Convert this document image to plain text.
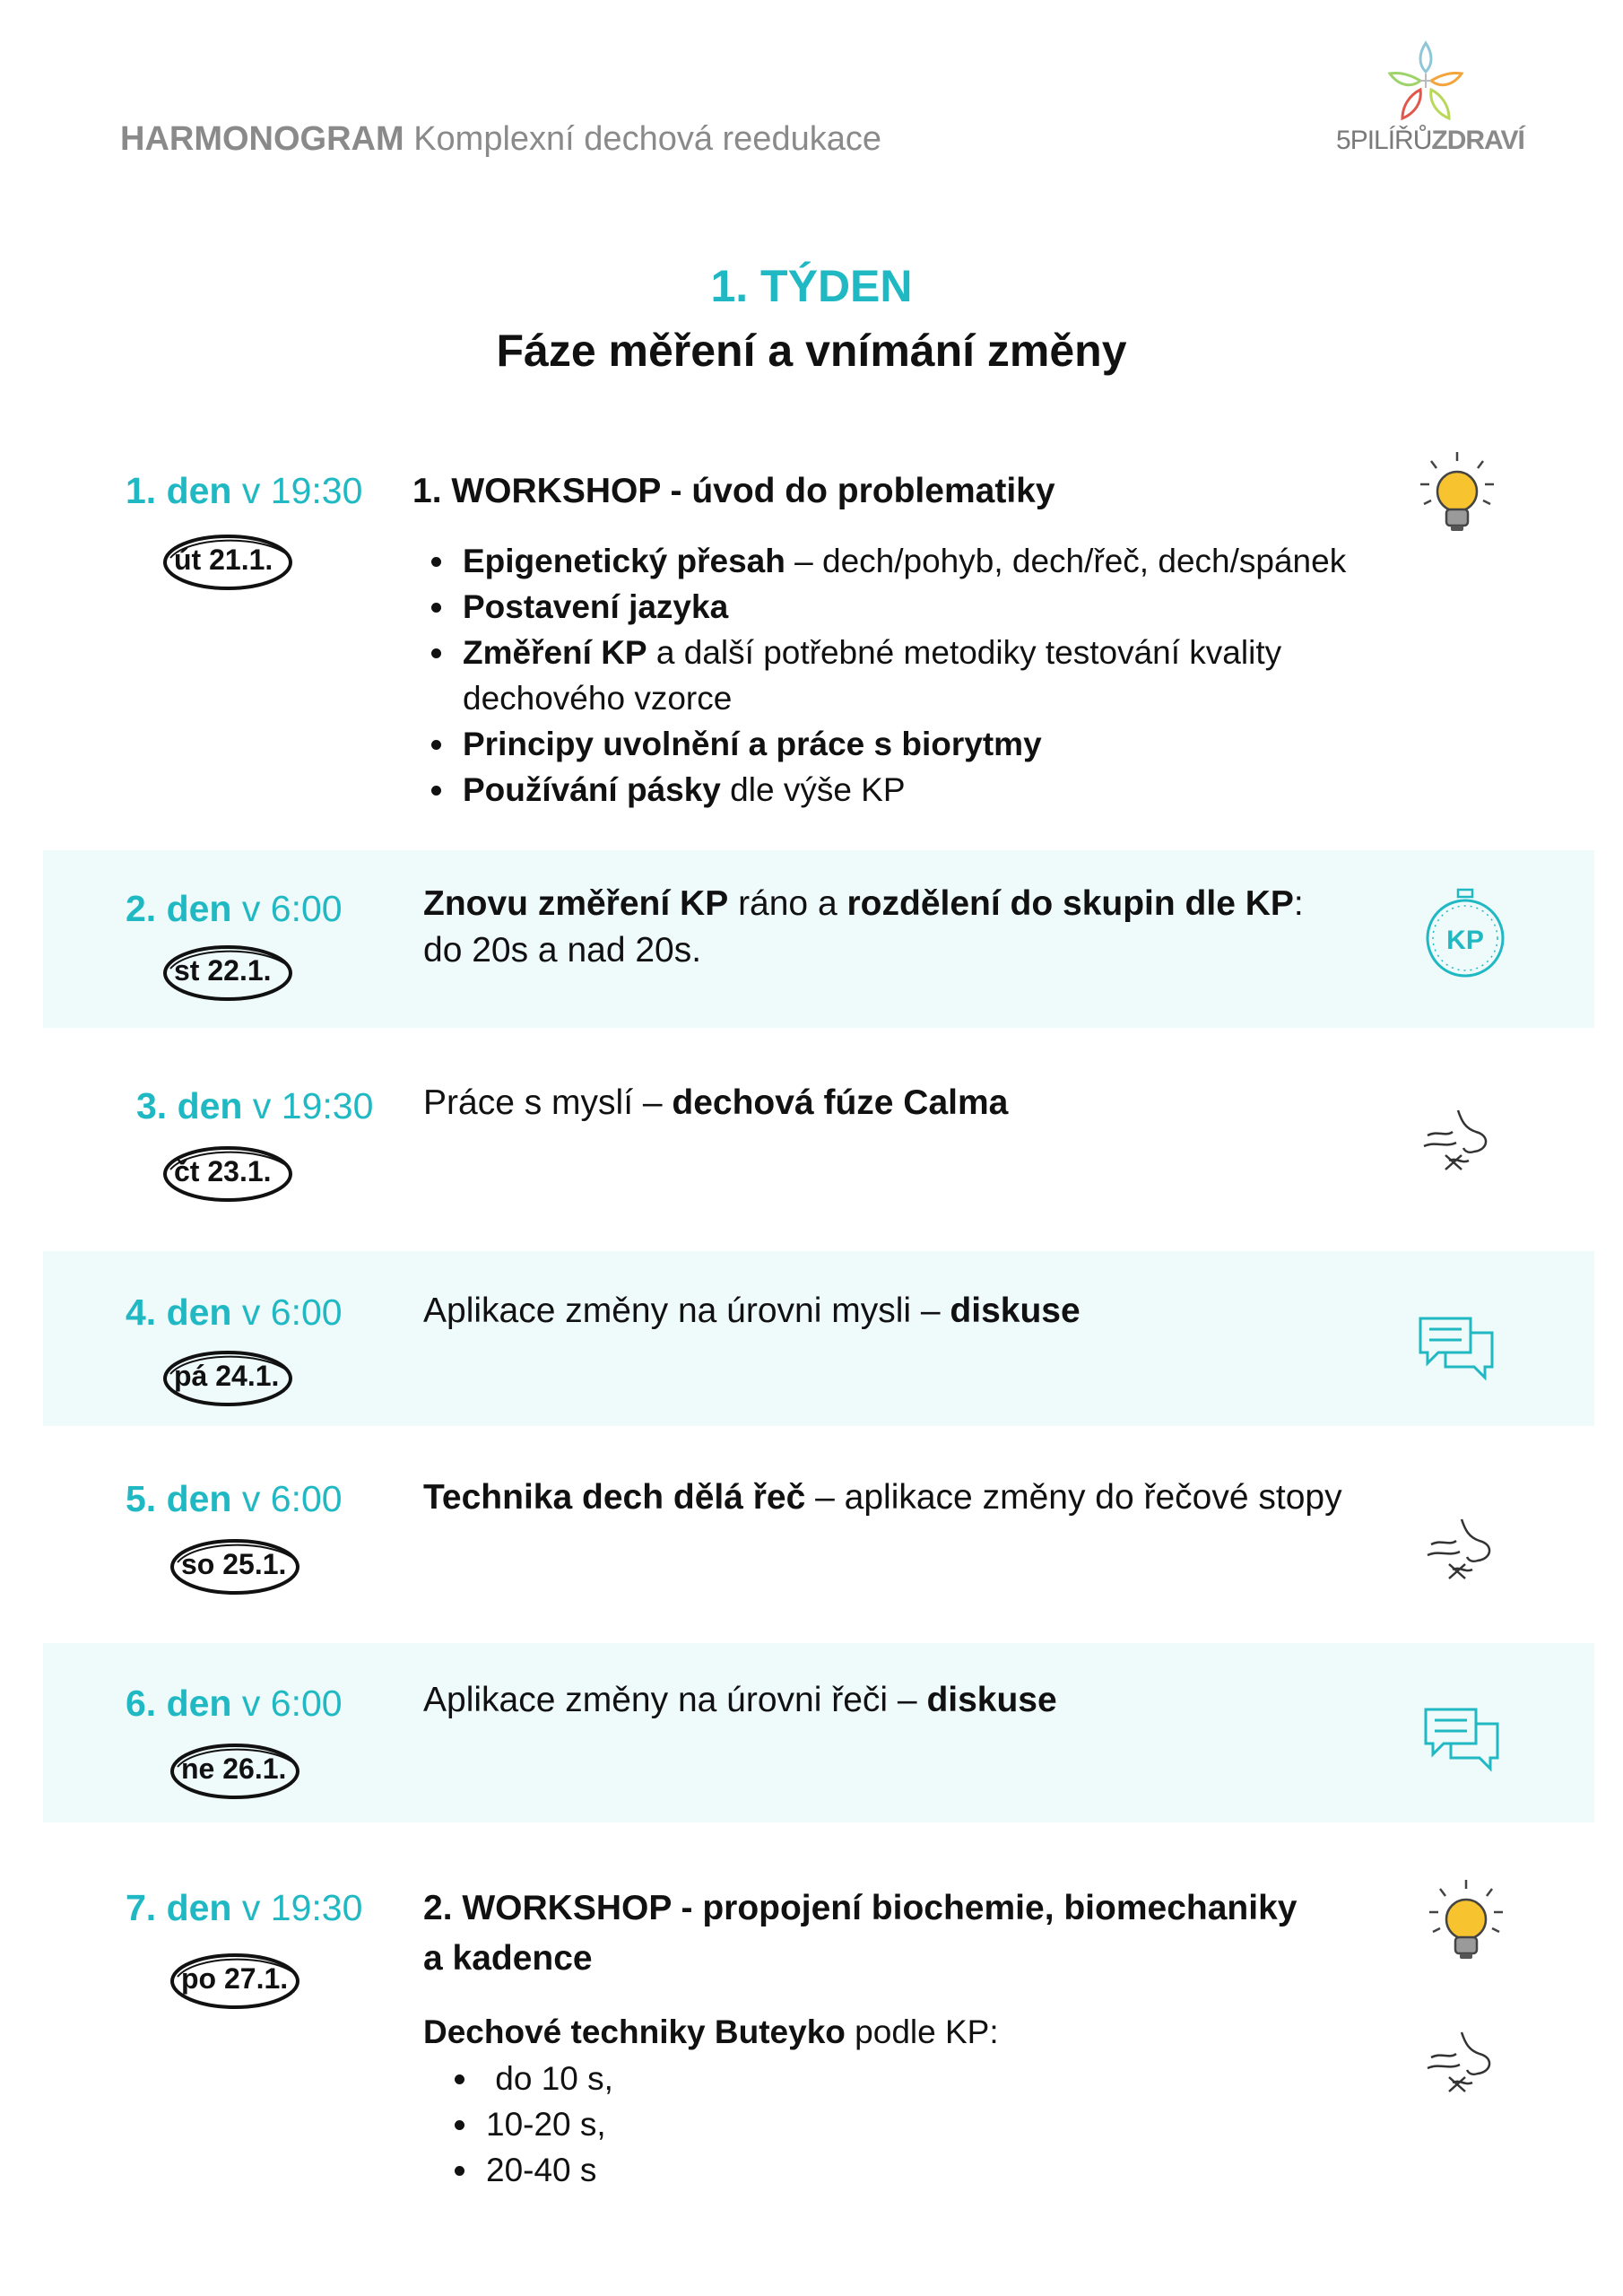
HARMONOGRAM Komplexní dechová reedukace	5PILÍŘŮZDRAVÍ
1. TÝDEN
Fáze měření a vnímání změny
1. den v 19:30
út 21.1.
1. WORKSHOP - úvod do problematiky
• Epigenetický přesah – dech/pohyb, dech/řeč, dech/spánek
• Postavení jazyka
• Změření KP a další potřebné metodiky testování kvality dechového vzorce
• Principy uvolnění a práce s biorytmy
• Používání pásky dle výše KP
2. den v 6:00
st 22.1.
Znovu změření KP ráno a rozdělení do skupin dle KP:
do 20s a nad 20s.	KP
3. den v 19:30
čt 23.1.
Práce s myslí – dechová fúze Calma
4. den v 6:00
pá 24.1.
Aplikace změny na úrovni mysli – diskuse
5. den v 6:00
so 25.1.
Technika dech dělá řeč – aplikace změny do řečové stopy
6. den v 6:00
ne 26.1.
Aplikace změny na úrovni řeči – diskuse
7. den v 19:30
po 27.1.
2. WORKSHOP - propojení biochemie, biomechaniky
a kadence
Dechové techniky Buteyko podle KP:
•  do 10 s,
• 10-20 s,
• 20-40 s
